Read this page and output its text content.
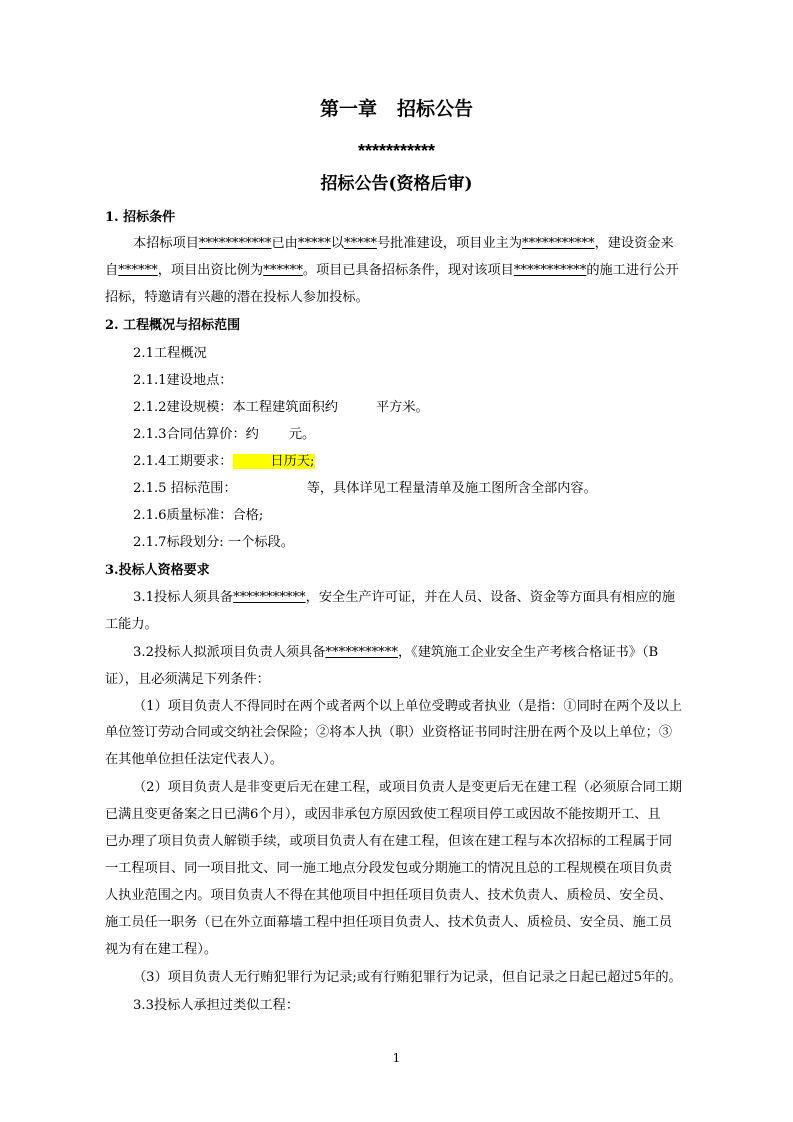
第一章 招标公告
***********
招标公告(资格后审)
1. 招标条件
本招标项目***********已由*****以*****号批准建设，项目业主为***********，建设资金来
自******，项目出资比例为******。项目已具备招标条件，现对该项目***********的施工进行公开
招标，特邀请有兴趣的潜在投标人参加投标。
2. 工程概况与招标范围
2.1工程概况
2.1.1建设地点：
2.1.2建设规模：本工程建筑面积约	平方米。
2.1.3合同估算价：约 元。
2.1.4工期要求：	日历天;
2.1.5 招标范围：	等，具体详见工程量清单及施工图所含全部内容。
2.1.6质量标准：合格;
2.1.7标段划分: 一个标段。
3.投标人资格要求
3.1投标人须具备***********，安全生产许可证，并在人员、设备、资金等方面具有相应的施
工能力。
3.2投标人拟派项目负责人须具备***********，《建筑施工企业安全生产考核合格证书》（B
证），且必须满足下列条件：
（1）项目负责人不得同时在两个或者两个以上单位受聘或者执业（是指：①同时在两个及以上
单位签订劳动合同或交纳社会保险；②将本人执（职）业资格证书同时注册在两个及以上单位；③
在其他单位担任法定代表人）。
（2）项目负责人是非变更后无在建工程，或项目负责人是变更后无在建工程（必须原合同工期
已满且变更备案之日已满6个月），或因非承包方原因致使工程项目停工或因故不能按期开工、且
已办理了项目负责人解锁手续，或项目负责人有在建工程，但该在建工程与本次招标的工程属于同
一工程项目、同一项目批文、同一施工地点分段发包或分期施工的情况且总的工程规模在项目负责
人执业范围之内。项目负责人不得在其他项目中担任项目负责人、技术负责人、质检员、安全员、
施工员任一职务（已在外立面幕墙工程中担任项目负责人、技术负责人、质检员、安全员、施工员
视为有在建工程）。
（3）项目负责人无行贿犯罪行为记录;或有行贿犯罪行为记录，但自记录之日起已超过5年的。
3.3投标人承担过类似工程：
1
